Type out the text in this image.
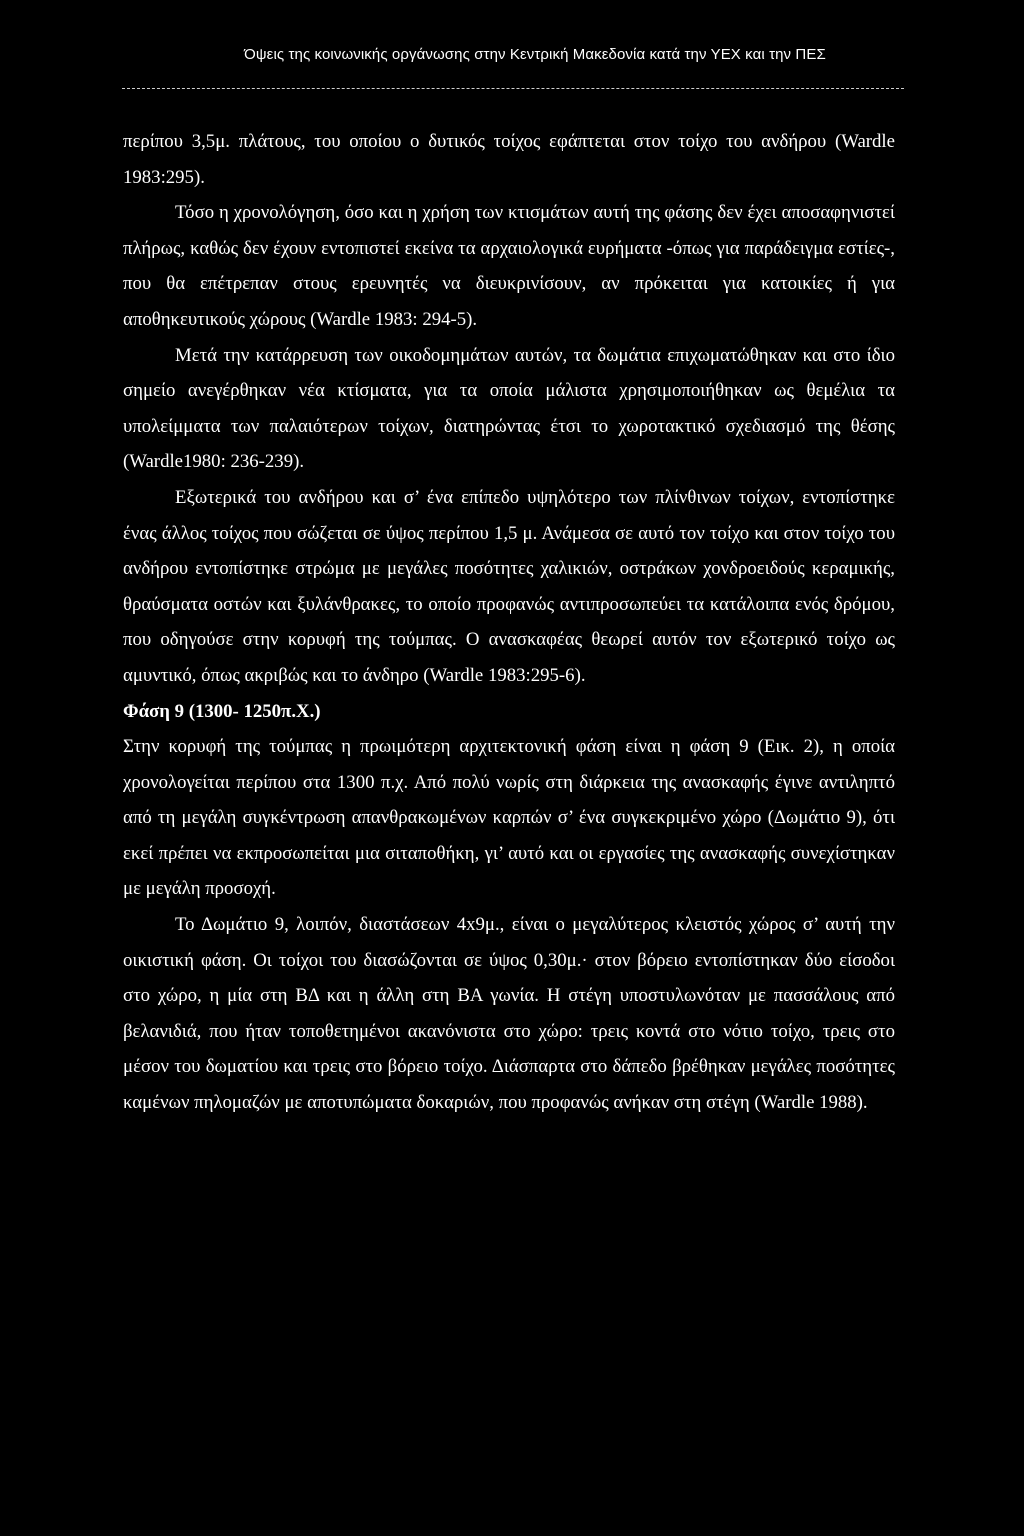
Όψεις της κοινωνικής οργάνωσης στην Κεντρική Μακεδονία κατά την ΥΕΧ και την ΠΕΣ

περίπου 3,5μ. πλάτους, του οποίου ο δυτικός τοίχος εφάπτεται στον τοίχο του ανδήρου (Wardle 1983:295).

Τόσο η χρονολόγηση, όσο και η χρήση των κτισμάτων αυτή της φάσης δεν έχει αποσαφηνιστεί πλήρως, καθώς δεν έχουν εντοπιστεί εκείνα τα αρχαιολογικά ευρήματα -όπως για παράδειγμα εστίες-, που θα επέτρεπαν στους ερευνητές να διευκρινίσουν, αν πρόκειται για κατοικίες ή για αποθηκευτικούς χώρους (Wardle 1983: 294-5).

Μετά την κατάρρευση των οικοδομημάτων αυτών, τα δωμάτια επιχωματώθηκαν και στο ίδιο σημείο ανεγέρθηκαν νέα κτίσματα, για τα οποία μάλιστα χρησιμοποιήθηκαν ως θεμέλια τα υπολείμματα των παλαιότερων τοίχων, διατηρώντας έτσι το χωροτακτικό σχεδιασμό της θέσης (Wardle1980: 236-239).

Εξωτερικά του ανδήρου και σ’ ένα επίπεδο υψηλότερο των πλίνθινων τοίχων, εντοπίστηκε ένας άλλος τοίχος που σώζεται σε ύψος περίπου 1,5 μ. Ανάμεσα σε αυτό τον τοίχο και στον τοίχο του ανδήρου εντοπίστηκε στρώμα με μεγάλες ποσότητες χαλικιών, οστράκων χονδροειδούς κεραμικής, θραύσματα οστών και ξυλάνθρακες, το οποίο προφανώς αντιπροσωπεύει τα κατάλοιπα ενός δρόμου, που οδηγούσε στην κορυφή της τούμπας. Ο ανασκαφέας θεωρεί αυτόν τον εξωτερικό τοίχο ως αμυντικό, όπως ακριβώς και το άνδηρο (Wardle 1983:295-6).

Φάση 9 (1300- 1250π.Χ.)

Στην κορυφή της τούμπας η πρωιμότερη αρχιτεκτονική φάση είναι η φάση 9 (Εικ. 2), η οποία χρονολογείται περίπου στα 1300 π.χ. Από πολύ νωρίς στη διάρκεια της ανασκαφής έγινε αντιληπτό από τη μεγάλη συγκέντρωση απανθρακωμένων καρπών σ’ ένα συγκεκριμένο χώρο (Δωμάτιο 9), ότι εκεί πρέπει να εκπροσωπείται μια σιταποθήκη, γι’ αυτό και οι εργασίες της ανασκαφής συνεχίστηκαν με μεγάλη προσοχή.

Το Δωμάτιο 9, λοιπόν, διαστάσεων 4x9μ., είναι ο μεγαλύτερος κλειστός χώρος σ’ αυτή την οικιστική φάση. Οι τοίχοι του διασώζονται σε ύψος 0,30μ.· στον βόρειο εντοπίστηκαν δύο είσοδοι στο χώρο, η μία στη ΒΔ και η άλλη στη ΒΑ γωνία. Η στέγη υποστυλωνόταν με πασσάλους από βελανιδιά, που ήταν τοποθετημένοι ακανόνιστα στο χώρο: τρεις κοντά στο νότιο τοίχο, τρεις στο μέσον του δωματίου και τρεις στο βόρειο τοίχο. Διάσπαρτα στο δάπεδο βρέθηκαν μεγάλες ποσότητες καμένων πηλομαζών με αποτυπώματα δοκαριών, που προφανώς ανήκαν στη στέγη (Wardle 1988).
